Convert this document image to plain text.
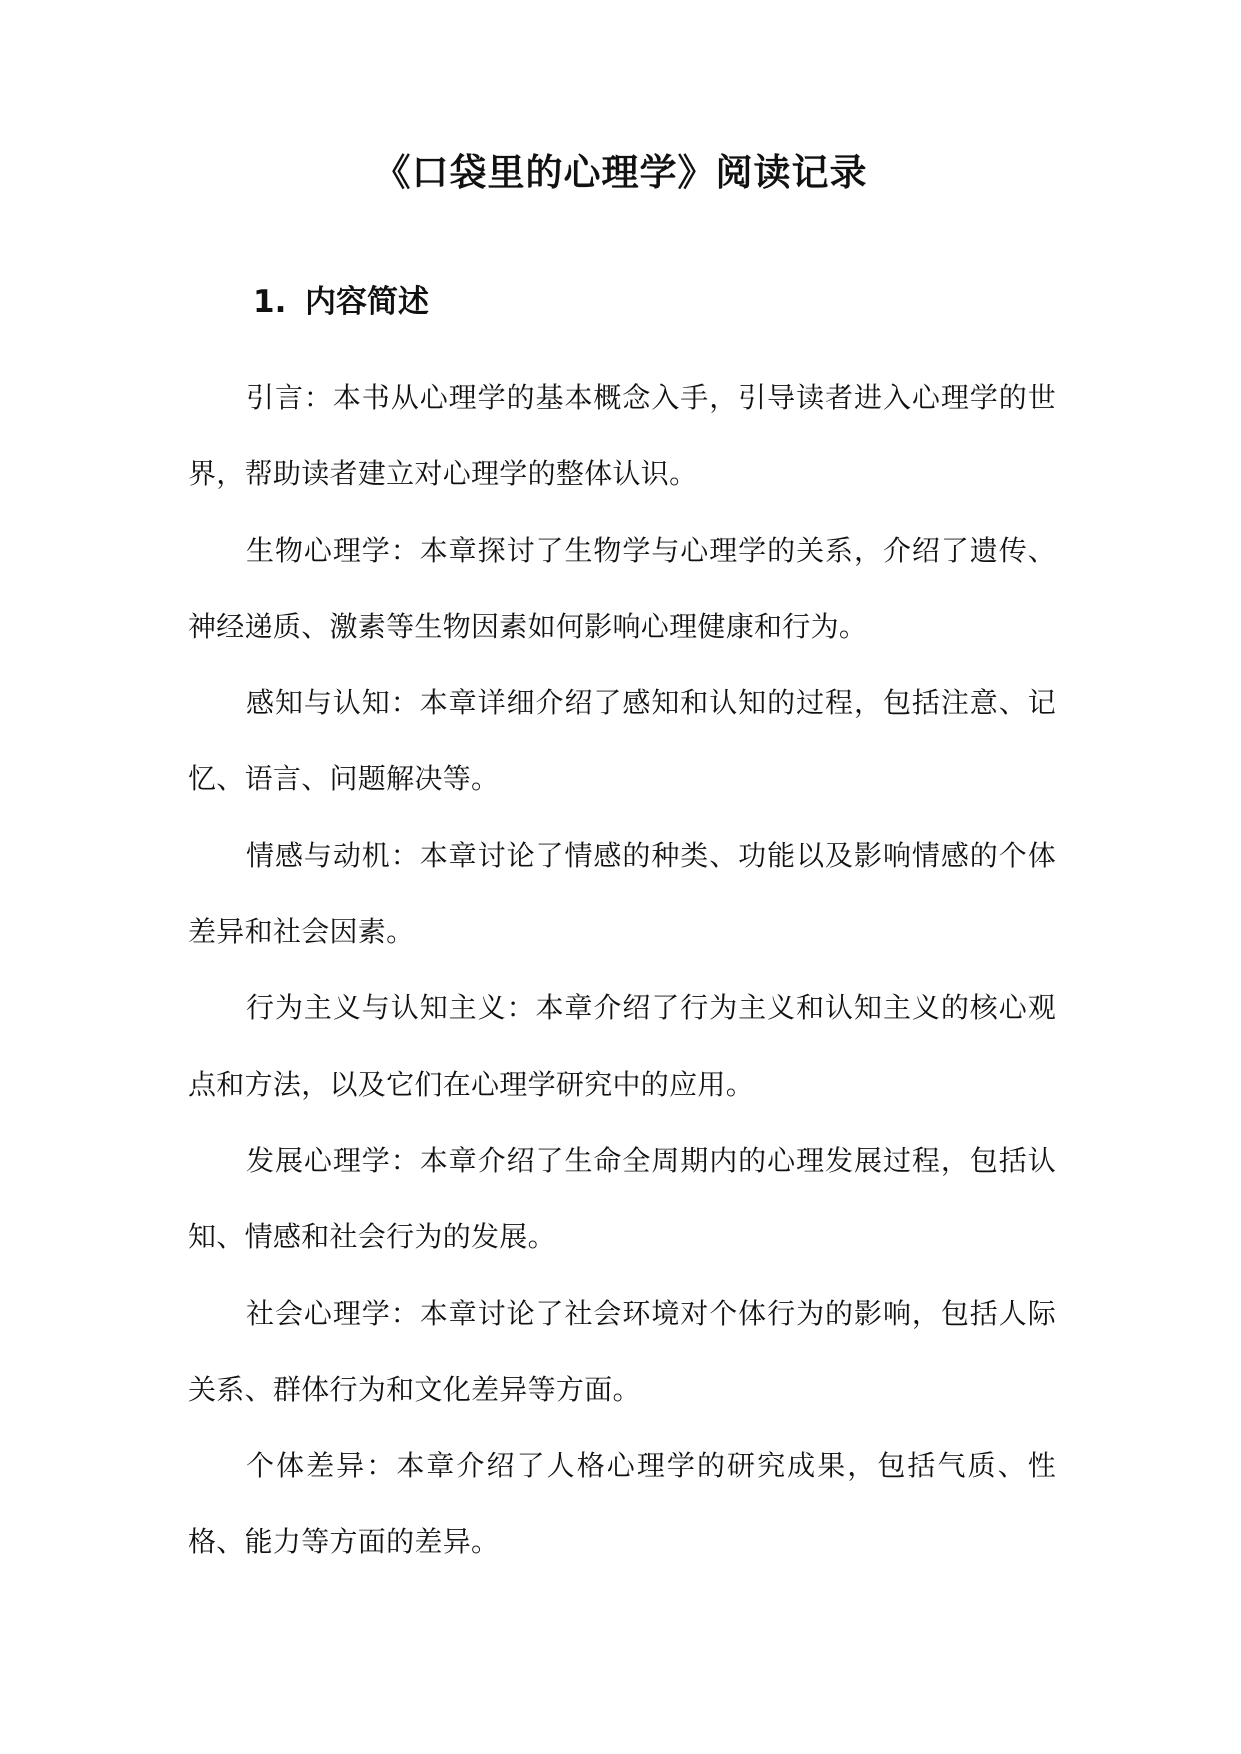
《口袋里的心理学》阅读记录
1. 内容简述

引言：本书从心理学的基本概念入手，引导读者进入心理学的世界，帮助读者建立对心理学的整体认识。

生物心理学：本章探讨了生物学与心理学的关系，介绍了遗传、神经递质、激素等生物因素如何影响心理健康和行为。

感知与认知：本章详细介绍了感知和认知的过程，包括注意、记忆、语言、问题解决等。

情感与动机：本章讨论了情感的种类、功能以及影响情感的个体差异和社会因素。

行为主义与认知主义：本章介绍了行为主义和认知主义的核心观点和方法，以及它们在心理学研究中的应用。

发展心理学：本章介绍了生命全周期内的心理发展过程，包括认知、情感和社会行为的发展。

社会心理学：本章讨论了社会环境对个体行为的影响，包括人际关系、群体行为和文化差异等方面。

个体差异：本章介绍了人格心理学的研究成果，包括气质、性格、能力等方面的差异。
